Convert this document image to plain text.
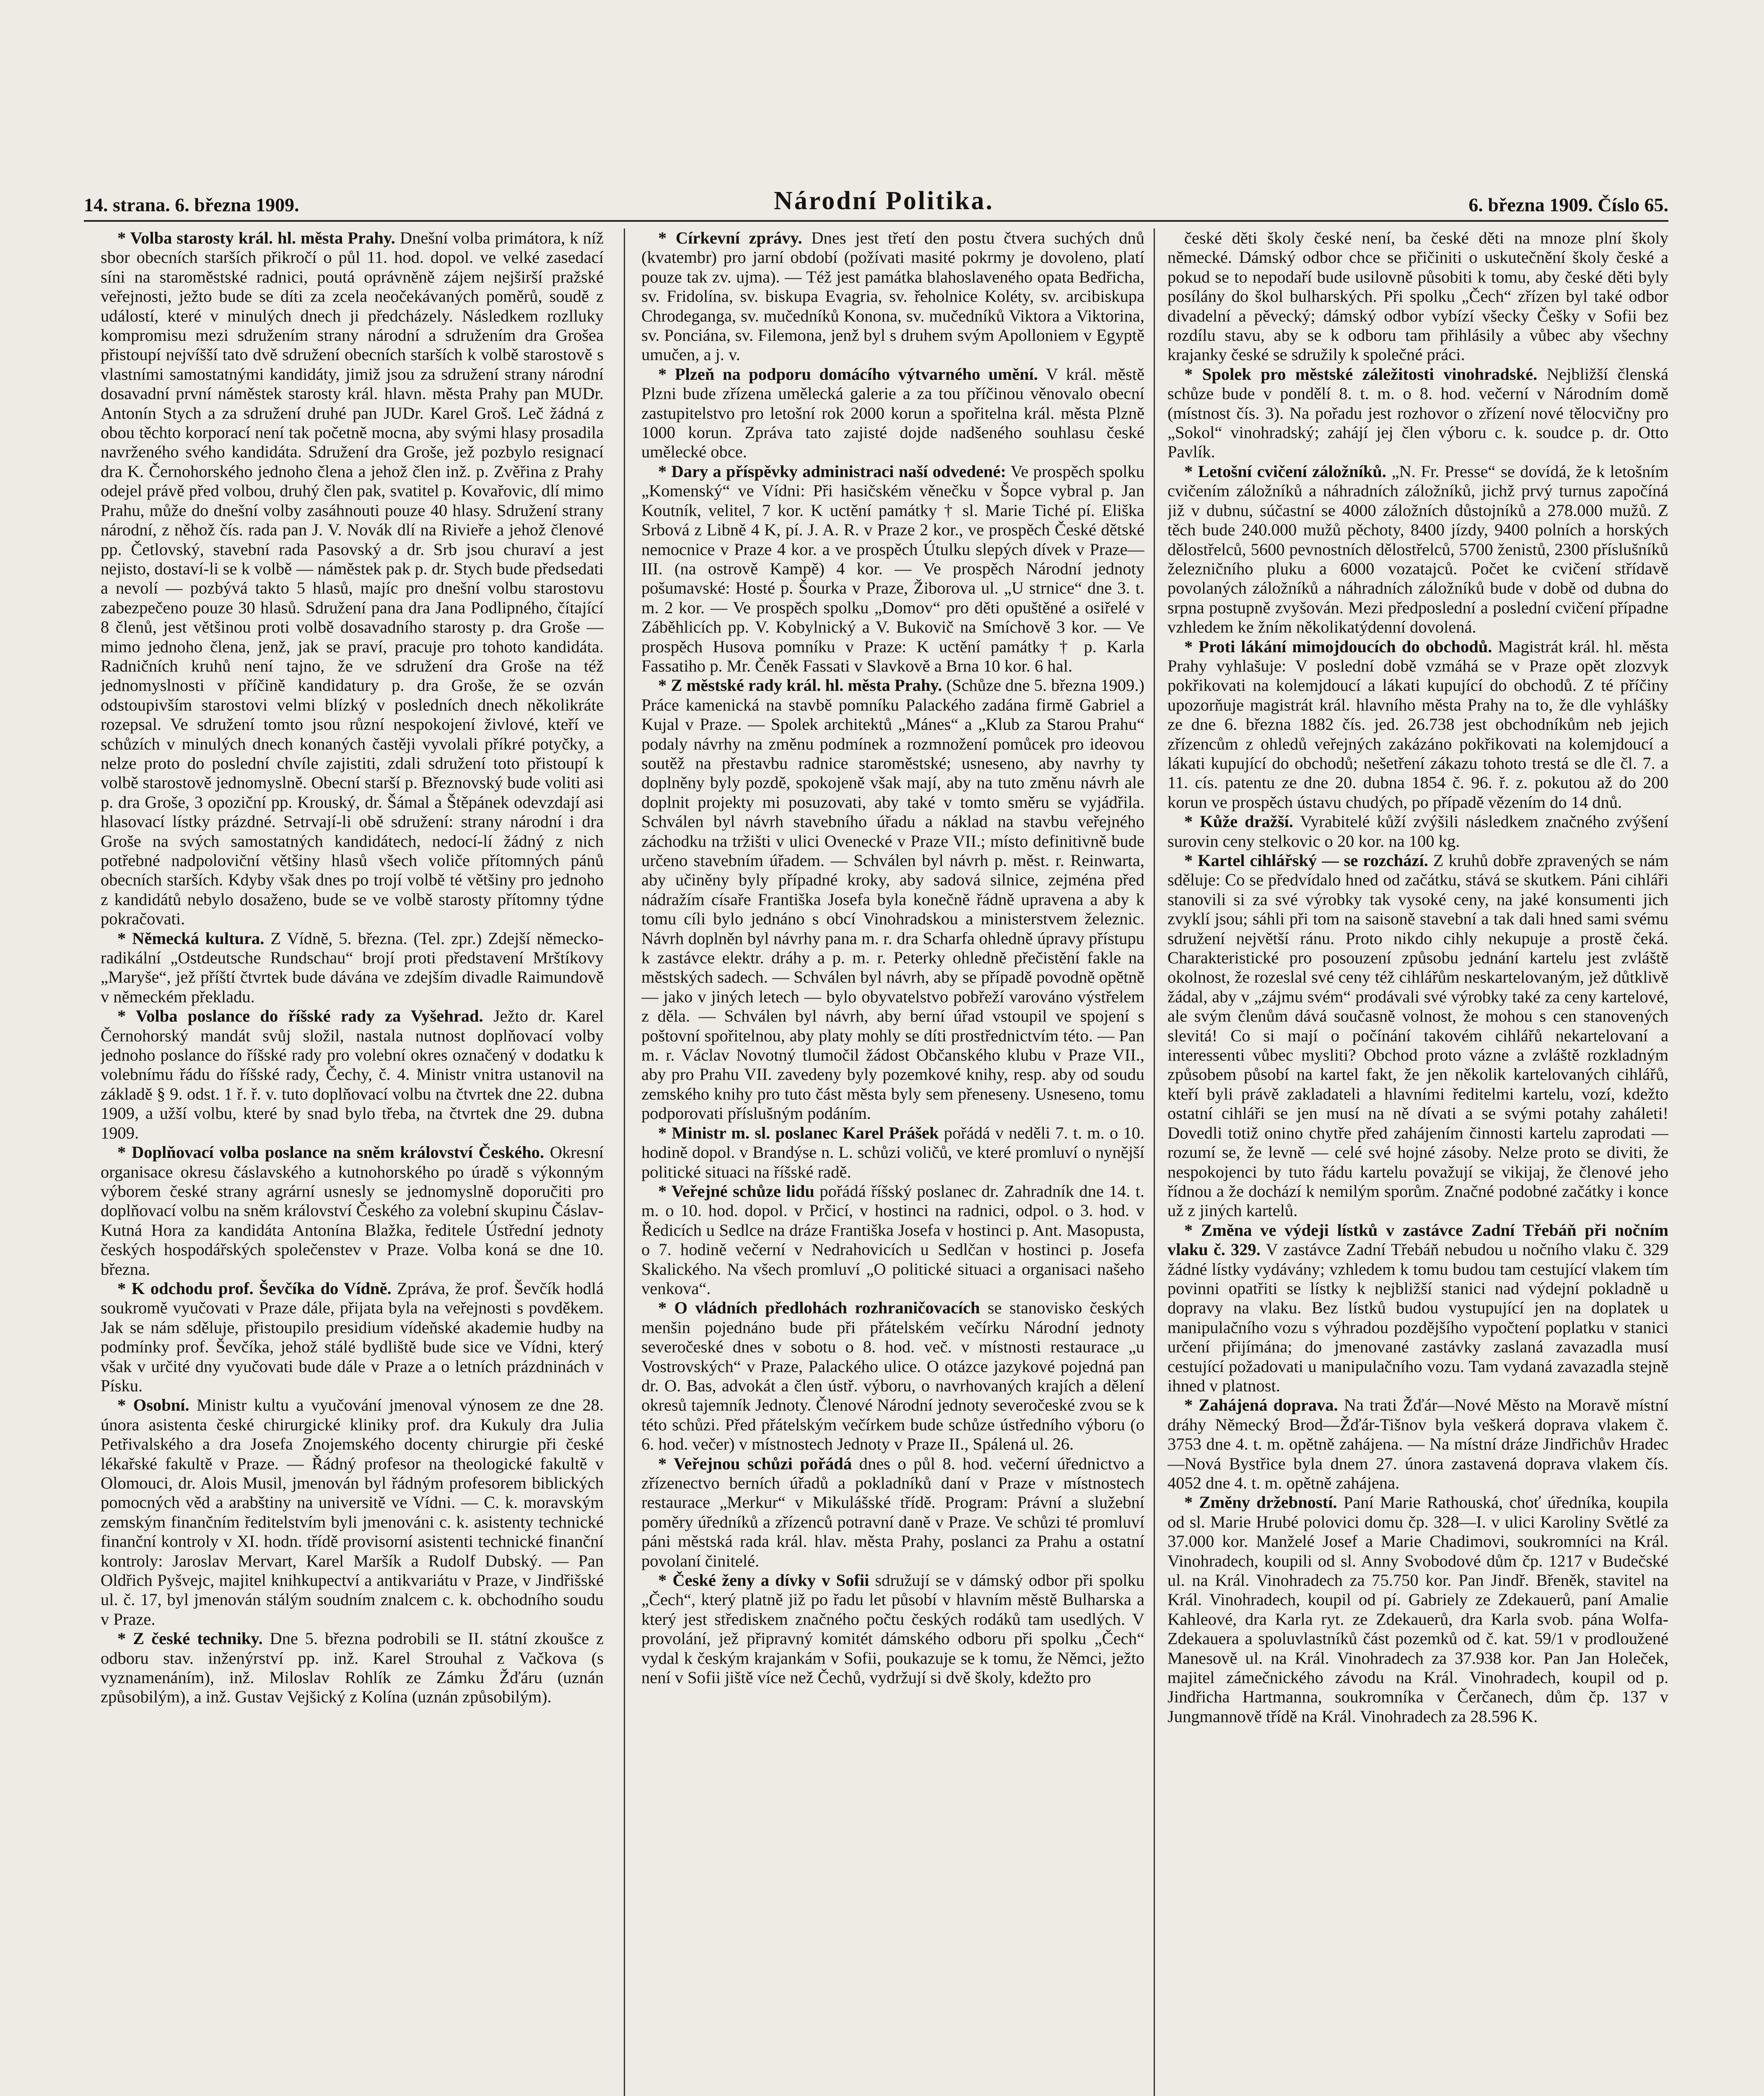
14. strana. 6. března 1909.	Národní Politika.	6. března 1909. Číslo 65.

* Volba starosty král. hl. města Prahy. Dnešní volba primátora, k níž sbor obecních starších přikročí o půl 11. hod. dopol. ve velké zasedací síni na staroměstské radnici, poutá oprávněně zájem nejširší pražské veřejnosti, ježto bude se díti za zcela neočekávaných poměrů, soudě z událostí, které v minulých dnech ji předcházely. Následkem rozlluky kompromisu mezi sdružením strany národní a sdružením dra Grošea přistoupí nejvíšší tato dvě sdružení obecních starších k volbě starostově s vlastními samostatnými kandidáty, jimiž jsou za sdružení strany národní dosavadní první náměstek starosty král. hlavn. města Prahy pan MUDr. Antonín Stych a za sdružení druhé pan JUDr. Karel Groš. Leč žádná z obou těchto korporací není tak početně mocna, aby svými hlasy prosadila navrženého svého kandidáta. Sdružení dra Groše, jež pozbylo resignací dra K. Černohorského jednoho člena a jehož člen inž. p. Zvěřina z Prahy odejel právě před volbou, druhý člen pak, svatitel p. Kovařovic, dlí mimo Prahu, může do dnešní volby zasáhnouti pouze 40 hlasy. Sdružení strany národní, z něhož čís. rada pan J. V. Novák dlí na Rivieře a jehož členové pp. Četlovský, stavební rada Pasovský a dr. Srb jsou churaví a jest nejisto, dostaví-li se k volbě — náměstek pak p. dr. Stych bude předsedati a nevolí — pozbývá takto 5 hlasů, majíc pro dnešní volbu starostovu zabezpečeno pouze 30 hlasů. Sdružení pana dra Jana Podlipného, čítající 8 členů, jest většinou proti volbě dosavadního starosty p. dra Groše — mimo jednoho člena, jenž, jak se praví, pracuje pro tohoto kandidáta. Radničních kruhů není tajno, že ve sdružení dra Groše na též jednomyslnosti v příčině kandidatury p. dra Groše, že se ozván odstoupivším starostovi velmi blízký v posledních dnech několikráte rozepsal. Ve sdružení tomto jsou různí nespokojení živlové, kteří ve schůzích v minulých dnech konaných častěji vyvolali příkré potyčky, a nelze proto do poslední chvíle zajistiti, zdali sdružení toto přistoupí k volbě starostově jednomyslně. Obecní starší p. Březnovský bude voliti asi p. dra Groše, 3 opoziční pp. Krouský, dr. Šámal a Štěpánek odevzdají asi hlasovací lístky prázdné. Setrvají-li obě sdružení: strany národní i dra Groše na svých samostatných kandidátech, nedocí-lí žádný z nich potřebné nadpoloviční většiny hlasů všech voliče přítomných pánů obecních starších. Kdyby však dnes po trojí volbě té většiny pro jednoho z kandidátů nebylo dosaženo, bude se ve volbě starosty přítomny týdne pokračovati.

* Německá kultura. Z Vídně, 5. března. (Tel. zpr.) Zdejší německo-radikální „Ostdeutsche Rundschau“ brojí proti představení Mrštíkovy „Maryše“, jež příští čtvrtek bude dávána ve zdejším divadle Raimundově v německém překladu.

* Volba poslance do říšské rady za Vyšehrad. Ježto dr. Karel Černohorský mandát svůj složil, nastala nutnost doplňovací volby jednoho poslance do říšské rady pro volební okres označený v dodatku k volebnímu řádu do říšské rady, Čechy, č. 4. Ministr vnitra ustanovil na základě § 9. odst. 1 ř. ř. v. tuto doplňovací volbu na čtvrtek dne 22. dubna 1909, a užší volbu, které by snad bylo třeba, na čtvrtek dne 29. dubna 1909.

* Doplňovací volba poslance na sněm království Českého. Okresní organisace okresu čáslavského a kutnohorského po úradě s výkonným výborem české strany agrární usnesly se jednomyslně doporučiti pro doplňovací volbu na sněm království Českého za volební skupinu Čáslav-Kutná Hora za kandidáta Antonína Blažka, ředitele Ústřední jednoty českých hospodářských společenstev v Praze. Volba koná se dne 10. března.

* K odchodu prof. Ševčíka do Vídně. Zpráva, že prof. Ševčík hodlá soukromě vyučovati v Praze dále, přijata byla na veřejnosti s povděkem. Jak se nám sděluje, přistoupilo presidium vídeňské akademie hudby na podmínky prof. Ševčíka, jehož stálé bydliště bude sice ve Vídni, který však v určité dny vyučovati bude dále v Praze a o letních prázdninách v Písku.

* Osobní. Ministr kultu a vyučování jmenoval výnosem ze dne 28. února asistenta české chirurgické kliniky prof. dra Kukuly dra Julia Petřivalského a dra Josefa Znojemského docenty chirurgie při české lékařské fakultě v Praze. — Řádný profesor na theologické fakultě v Olomouci, dr. Alois Musil, jmenován byl řádným profesorem biblických pomocných věd a arabštiny na universitě ve Vídni. — C. k. moravským zemským finančním ředitelstvím byli jmenováni c. k. asistenty technické finanční kontroly v XI. hodn. třídě provisorní asistenti technické finanční kontroly: Jaroslav Mervart, Karel Maršík a Rudolf Dubský. — Pan Oldřich Pyšvejc, majitel knihkupectví a antikvariátu v Praze, v Jindřišské ul. č. 17, byl jmenován stálým soudním znalcem c. k. obchodního soudu v Praze.

* Z české techniky. Dne 5. března podrobili se II. státní zkoušce z odboru stav. inženýrství pp. inž. Karel Strouhal z Vačkova (s vyznamenáním), inž. Miloslav Rohlík ze Zámku Žďáru (uznán způsobilým), a inž. Gustav Vejšický z Kolína (uznán způsobilým).

* Církevní zprávy. Dnes jest třetí den postu čtvera suchých dnů (kvatembr) pro jarní období (požívati masité pokrmy je dovoleno, platí pouze tak zv. ujma). — Též jest památka blahoslaveného opata Bedřicha, sv. Fridolína, sv. biskupa Evagria, sv. řeholnice Koléty, sv. arcibiskupa Chrodeganga, sv. mučedníků Konona, sv. mučedníků Viktora a Viktorina, sv. Ponciána, sv. Filemona, jenž byl s druhem svým Apolloniem v Egyptě umučen, a j. v.

* Plzeň na podporu domácího výtvarného umění. V král. městě Plzni bude zřízena umělecká galerie a za tou příčinou věnovalo obecní zastupitelstvo pro letošní rok 2000 korun a spořitelna král. města Plzně 1000 korun. Zpráva tato zajisté dojde nadšeného souhlasu české umělecké obce.

* Dary a příspěvky administraci naší odvedené: Ve prospěch spolku „Komenský“ ve Vídni: Při hasičském věnečku v Šopce vybral p. Jan Koutník, velitel, 7 kor. K uctění památky † sl. Marie Tiché pí. Eliška Srbová z Libně 4 K, pí. J. A. R. v Praze 2 kor., ve prospěch České dětské nemocnice v Praze 4 kor. a ve prospěch Útulku slepých dívek v Praze—III. (na ostrově Kampě) 4 kor. — Ve prospěch Národní jednoty pošumavské: Hosté p. Šourka v Praze, Žiborova ul. „U strnice“ dne 3. t. m. 2 kor. — Ve prospěch spolku „Domov“ pro děti opuštěné a osiřelé v Záběhlicích pp. V. Kobylnický a V. Bukovič na Smíchově 3 kor. — Ve prospěch Husova pomníku v Praze: K uctění památky † p. Karla Fassatiho p. Mr. Čeněk Fassati v Slavkově a Brna 10 kor. 6 hal.

* Z městské rady král. hl. města Prahy. (Schůze dne 5. března 1909.) Práce kamenická na stavbě pomníku Palackého zadána firmě Gabriel a Kujal v Praze. — Spolek architektů „Mánes“ a „Klub za Starou Prahu“ podaly návrhy na změnu podmínek a rozmnožení pomůcek pro ideovou soutěž na přestavbu radnice staroměstské; usneseno, aby navrhy ty doplněny byly pozdě, spokojeně však mají, aby na tuto změnu návrh ale doplnit projekty mi posuzovati, aby také v tomto směru se vyjádřila. Schválen byl návrh stavebního úřadu a náklad na stavbu veřejného záchodku na tržišti v ulici Ovenecké v Praze VII.; místo definitivně bude určeno stavebním úřadem. — Schválen byl návrh p. měst. r. Reinwarta, aby učiněny byly případné kroky, aby sadová silnice, zejména před nádražím císaře Františka Josefa byla konečně řádně upravena a aby k tomu cíli bylo jednáno s obcí Vinohradskou a ministerstvem železnic. Návrh doplněn byl návrhy pana m. r. dra Scharfa ohledně úpravy přístupu k zastávce elektr. dráhy a p. m. r. Peterky ohledně přečistění fakle na městských sadech. — Schválen byl návrh, aby se případě povodně opětně — jako v jiných letech — bylo obyvatelstvo pobřeží varováno výstřelem z děla. — Schválen byl návrh, aby berní úřad vstoupil ve spojení s poštovní spořitelnou, aby platy mohly se díti prostřednictvím této. — Pan m. r. Václav Novotný tlumočil žádost Občanského klubu v Praze VII., aby pro Prahu VII. zavedeny byly pozemkové knihy, resp. aby od soudu zemského knihy pro tuto část města byly sem přeneseny. Usneseno, tomu podporovati příslušným podáním.

* Ministr m. sl. poslanec Karel Prášek pořádá v neděli 7. t. m. o 10. hodině dopol. v Brandýse n. L. schůzi voličů, ve které promluví o nynější politické situaci na říšské radě.

* Veřejné schůze lidu pořádá říšský poslanec dr. Zahradník dne 14. t. m. o 10. hod. dopol. v Prčicí, v hostinci na radnici, odpol. o 3. hod. v Ředicích u Sedlce na dráze Františka Josefa v hostinci p. Ant. Masopusta, o 7. hodině večerní v Nedrahovicích u Sedlčan v hostinci p. Josefa Skalického. Na všech promluví „O politické situaci a organisaci našeho venkova“.

* O vládních předlohách rozhraničovacích se stanovisko českých menšin pojednáno bude při přátelském večírku Národní jednoty severočeské dnes v sobotu o 8. hod. več. v místnosti restaurace „u Vostrovských“ v Praze, Palackého ulice. O otázce jazykové pojedná pan dr. O. Bas, advokát a člen ústř. výboru, o navrhovaných krajích a dělení okresů tajemník Jednoty. Členové Národní jednoty severočeské zvou se k této schůzi. Před přátelským večírkem bude schůze ústředního výboru (o 6. hod. večer) v místnostech Jednoty v Praze II., Spálená ul. 26.

* Veřejnou schůzi pořádá dnes o půl 8. hod. večerní úřednictvo a zřízenectvo berních úřadů a pokladníků daní v Praze v místnostech restaurace „Merkur“ v Mikulášské třídě. Program: Právní a služební poměry úředníků a zřízenců potravní daně v Praze. Ve schůzi té promluví páni městská rada král. hlav. města Prahy, poslanci za Prahu a ostatní povolaní činitelé.

* České ženy a dívky v Sofii sdružují se v dámský odbor při spolku „Čech“, který platně již po řadu let působí v hlavním městě Bulharska a který jest střediskem značného počtu českých rodáků tam usedlých. V provolání, jež připravný komitét dámského odboru při spolku „Čech“ vydal k českým krajankám v Sofii, poukazuje se k tomu, že Němci, ježto není v Sofii jiště více než Čechů, vydržují si dvě školy, kdežto pro

české děti školy české není, ba české děti na mnoze plní školy německé. Dámský odbor chce se přičiniti o uskutečnění školy české a pokud se to nepodaří bude usilovně působiti k tomu, aby české děti byly posílány do škol bulharských. Při spolku „Čech“ zřízen byl také odbor divadelní a pěvecký; dámský odbor vybízí všecky Češky v Sofii bez rozdílu stavu, aby se k odboru tam přihlásily a vůbec aby všechny krajanky české se sdružily k společné práci.

* Spolek pro městské záležitosti vinohradské. Nejbližší členská schůze bude v pondělí 8. t. m. o 8. hod. večerní v Národním domě (místnost čís. 3). Na pořadu jest rozhovor o zřízení nové tělocvičny pro „Sokol“ vinohradský; zahájí jej člen výboru c. k. soudce p. dr. Otto Pavlík.

* Letošní cvičení záložníků. „N. Fr. Presse“ se dovídá, že k letošním cvičením záložníků a náhradních záložníků, jichž prvý turnus započíná již v dubnu, súčastní se 4000 záložních důstojníků a 278.000 mužů. Z těch bude 240.000 mužů pěchoty, 8400 jízdy, 9400 polních a horských dělostřelců, 5600 pevnostních dělostřelců, 5700 ženistů, 2300 příslušníků železničního pluku a 6000 vozatajců. Počet ke cvičení střídavě povolaných záložníků a náhradních záložníků bude v době od dubna do srpna postupně zvyšován. Mezi předposlední a poslední cvičení případne vzhledem ke žním několikatýdenní dovolená.

* Proti lákání mimojdoucích do obchodů. Magistrát král. hl. města Prahy vyhlašuje: V poslední době vzmáhá se v Praze opět zlozvyk pokřikovati na kolemjdoucí a lákati kupující do obchodů. Z té příčiny upozorňuje magistrát král. hlavního města Prahy na to, že dle vyhlášky ze dne 6. března 1882 čís. jed. 26.738 jest obchodníkům neb jejich zřízencům z ohledů veřejných zakázáno pokřikovati na kolemjdoucí a lákati kupující do obchodů; nešetření zákazu tohoto trestá se dle čl. 7. a 11. cís. patentu ze dne 20. dubna 1854 č. 96. ř. z. pokutou až do 200 korun ve prospěch ústavu chudých, po případě vězením do 14 dnů.

* Kůže dražší. Vyrabitelé kůží zvýšili následkem značného zvýšení surovin ceny stelkovic o 20 kor. na 100 kg.

* Kartel cihlářský — se rozchází. Z kruhů dobře zpravených se nám sděluje: Co se předvídalo hned od začátku, stává se skutkem. Páni cihláři stanovili si za své výrobky tak vysoké ceny, na jaké konsumenti jich zvyklí jsou; sáhli při tom na saisoně stavební a tak dali hned sami svému sdružení největší ránu. Proto nikdo cihly nekupuje a prostě čeká. Charakteristické pro posouzení způsobu jednání kartelu jest zvláště okolnost, že rozeslal své ceny též cihlářům neskartelovaným, jež důtklivě žádal, aby v „zájmu svém“ prodávali své výrobky také za ceny kartelové, ale svým členům dává současně volnost, že mohou s cen stanovených slevitá! Co si mají o počínání takovém cihlářů nekartelovaní a interessenti vůbec mysliti? Obchod proto vázne a zvláště rozkladným způsobem působí na kartel fakt, že jen několik kartelovaných cihlářů, kteří byli právě zakladateli a hlavními ředitelmi kartelu, vozí, kdežto ostatní cihláři se jen musí na ně dívati a se svými potahy zaháleti! Dovedli totiž onino chytře před zahájením činnosti kartelu zaprodati — rozumí se, že levně — celé své hojné zásoby. Nelze proto se diviti, že nespokojenci by tuto řádu kartelu považují se vikijaj, že členové jeho řídnou a že dochází k nemilým sporům. Značné podobné začátky i konce už z jiných kartelů.

* Změna ve výdeji lístků v zastávce Zadní Třebáň při nočním vlaku č. 329. V zastávce Zadní Třebáň nebudou u nočního vlaku č. 329 žádné lístky vydávány; vzhledem k tomu budou tam cestující vlakem tím povinni opatřiti se lístky k nejbližší stanici nad výdejní pokladně u dopravy na vlaku. Bez lístků budou vystupující jen na doplatek u manipulačního vozu s výhradou pozdějšího vypočtení poplatku v stanici určení přijímána; do jmenované zastávky zaslaná zavazadla musí cestující požadovati u manipulačního vozu. Tam vydaná zavazadla stejně ihned v platnost.

* Zahájená doprava. Na trati Žďár—Nové Město na Moravě místní dráhy Německý Brod—Žďár-Tišnov byla veškerá doprava vlakem č. 3753 dne 4. t. m. opětně zahájena. — Na místní dráze Jindřichův Hradec—Nová Bystřice byla dnem 27. února zastavená doprava vlakem čís. 4052 dne 4. t. m. opětně zahájena.

* Změny držebností. Paní Marie Rathouská, choť úředníka, koupila od sl. Marie Hrubé polovici domu čp. 328—I. v ulici Karoliny Světlé za 37.000 kor. Manželé Josef a Marie Chadimovi, soukromníci na Král. Vinohradech, koupili od sl. Anny Svobodové dům čp. 1217 v Budečské ul. na Král. Vinohradech za 75.750 kor. Pan Jindř. Břeněk, stavitel na Král. Vinohradech, koupil od pí. Gabriely ze Zdekauerů, paní Amalie Kahleové, dra Karla ryt. ze Zdekauerů, dra Karla svob. pána Wolfa-Zdekauera a spoluvlastníků část pozemků od č. kat. 59/1 v prodloužené Manesově ul. na Král. Vinohradech za 37.938 kor. Pan Jan Holeček, majitel zámečnického závodu na Král. Vinohradech, koupil od p. Jindřicha Hartmanna, soukromníka v Čerčanech, dům čp. 137 v Jungmannově třídě na Král. Vinohradech za 28.596 K.
